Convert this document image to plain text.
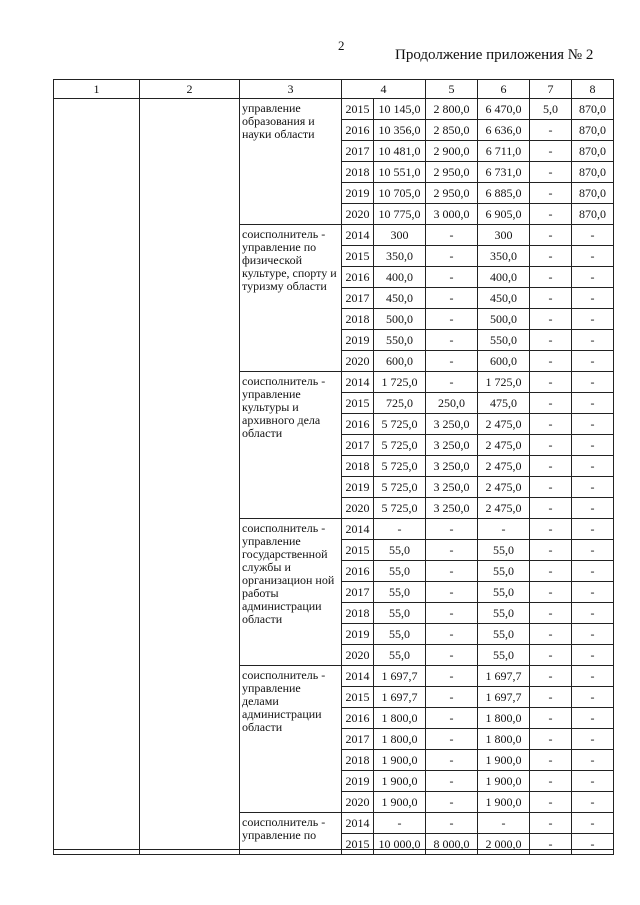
2
Продолжение приложения № 2
1	2	3	4		5	6	7	8
		управление образования и науки области	2015	10 145,0	2 800,0	6 470,0	5,0	870,0
			2016	10 356,0	2 850,0	6 636,0	-	870,0
			2017	10 481,0	2 900,0	6 711,0	-	870,0
			2018	10 551,0	2 950,0	6 731,0	-	870,0
			2019	10 705,0	2 950,0	6 885,0	-	870,0
			2020	10 775,0	3 000,0	6 905,0	-	870,0
		соисполнитель - управление по физической культуре, спорту и туризму области	2014	300	-	300	-	-
			2015	350,0	-	350,0	-	-
			2016	400,0	-	400,0	-	-
			2017	450,0	-	450,0	-	-
			2018	500,0	-	500,0	-	-
			2019	550,0	-	550,0	-	-
			2020	600,0	-	600,0	-	-
		соисполнитель - управление культуры и архивного дела области	2014	1 725,0	-	1 725,0	-	-
			2015	725,0	250,0	475,0	-	-
			2016	5 725,0	3 250,0	2 475,0	-	-
			2017	5 725,0	3 250,0	2 475,0	-	-
			2018	5 725,0	3 250,0	2 475,0	-	-
			2019	5 725,0	3 250,0	2 475,0	-	-
			2020	5 725,0	3 250,0	2 475,0	-	-
		соисполнитель - управление государственной службы и организацион ной работы администрации области	2014	-	-	-	-	-
			2015	55,0	-	55,0	-	-
			2016	55,0	-	55,0	-	-
			2017	55,0	-	55,0	-	-
			2018	55,0	-	55,0	-	-
			2019	55,0	-	55,0	-	-
			2020	55,0	-	55,0	-	-
		соисполнитель - управление делами администрации области	2014	1 697,7	-	1 697,7	-	-
			2015	1 697,7	-	1 697,7	-	-
			2016	1 800,0	-	1 800,0	-	-
			2017	1 800,0	-	1 800,0	-	-
			2018	1 900,0	-	1 900,0	-	-
			2019	1 900,0	-	1 900,0	-	-
			2020	1 900,0	-	1 900,0	-	-
		соисполнитель - управление по	2014	-	-	-	-	-
			2015	10 000,0	8 000,0	2 000,0	-	-
